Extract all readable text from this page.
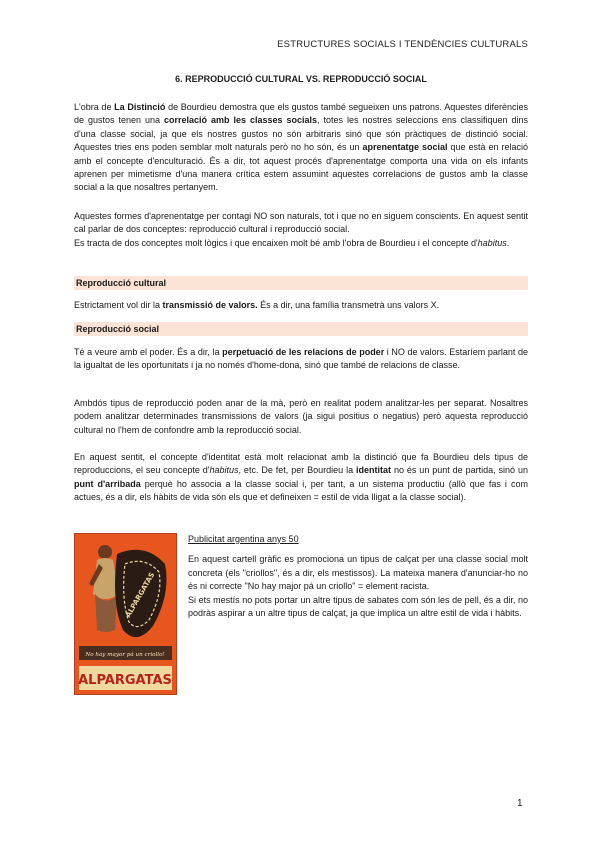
ESTRUCTURES SOCIALS I TENDÈNCIES CULTURALS
6. REPRODUCCIÓ CULTURAL VS. REPRODUCCIÓ SOCIAL

L'obra de La Distinció de Bourdieu demostra que els gustos també segueixen uns patrons. Aquestes diferències de gustos tenen una correlació amb les classes socials, totes les nostres seleccions ens classifiquen dins d'una classe social, ja que els nostres gustos no són arbitraris sinó que són pràctiques de distinció social. Aquestes tries ens poden semblar molt naturals però no ho són, és un aprenentatge social que està en relació amb el concepte d'enculturació. És a dir, tot aquest procés d'aprenentatge comporta una vida on els infants aprenen per mimetisme d'una manera crítica estem assumint aquestes correlacions de gustos amb la classe social a la que nosaltres pertanyem.

Aquestes formes d'aprenentatge per contagi NO son naturals, tot i que no en siguem conscients. En aquest sentit cal parlar de dos conceptes: reproducció cultural i reproducció social.

Es tracta de dos conceptes molt lògics i que encaixen molt bé amb l'obra de Bourdieu i el concepte d'habitus.

Reproducció cultural

Estrictament vol dir la transmissió de valors. És a dir, una família transmetrà uns valors X.

Reproducció social

Té a veure amb el poder. És a dir, la perpetuació de les relacions de poder i NO de valors. Estaríem parlant de la igualtat de les oportunitats i ja no només d'home-dona, sinó que també de relacions de classe.

Ambdós tipus de reproducció poden anar de la mà, però en realitat podem analitzar-les per separat. Nosaltres podem analitzar determinades transmissions de valors (ja sigui positius o negatius) però aquesta reproducció cultural no l'hem de confondre amb la reproducció social.

En aquest sentit, el concepte d'identitat està molt relacionat amb la distinció que fa Bourdieu dels tipus de reproduccions, el seu concepte d'habitus, etc. De fet, per Bourdieu la identitat no és un punt de partida, sinó un punt d'arribada perquè ho associa a la classe social i, per tant, a un sistema productiu (allò que fas i com actues, és a dir, els hàbits de vida són els que et defineixen = estil de vida lligat a la classe social).

ALPARGATAS
No hay mayor pá un criollo!
ALPARGATAS

Publicitat argentina anys 50

En aquest cartell gràfic es promociona un tipus de calçat per una classe social molt concreta (els "criollos", és a dir, els mestissos). La mateixa manera d'anunciar-ho no és ni correcte "No hay major pá un criollo" = element racista.

Si ets mestís no pots portar un altre tipus de sabates com són les de pell, és a dir, no podràs aspirar a un altre tipus de calçat, ja que implica un altre estil de vida i hàbits.

1
